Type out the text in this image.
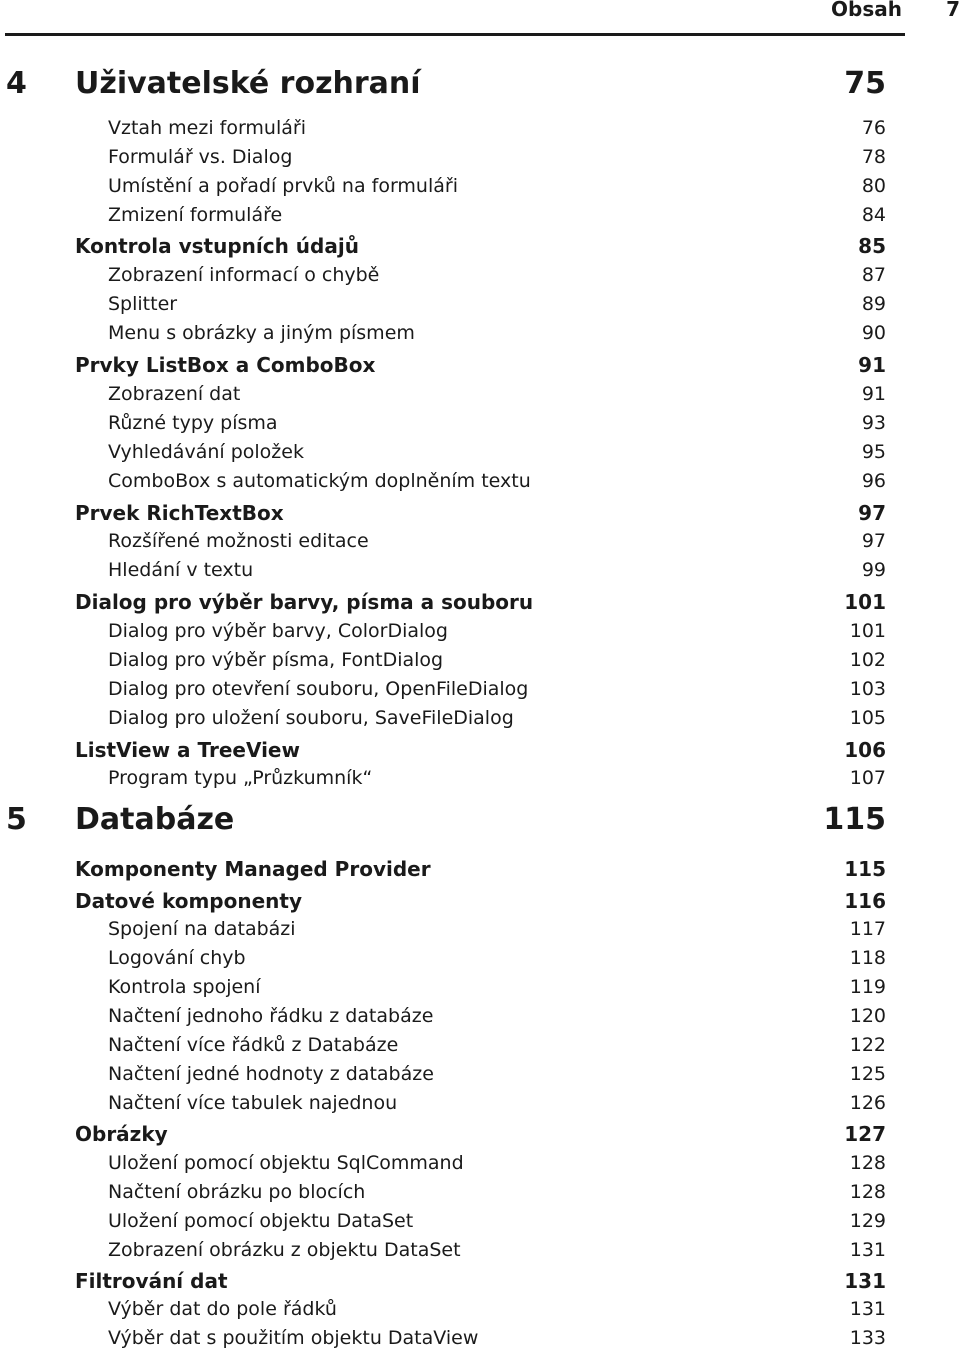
Obsah 7
4 Uživatelské rozhraní	75
Vztah mezi formuláři	76
Formulář vs. Dialog	78
Umístění a pořadí prvků na formuláři	80
Zmizení formuláře	84
Kontrola vstupních údajů	85
Zobrazení informací o chybě	87
Splitter	89
Menu s obrázky a jiným písmem	90
Prvky ListBox a ComboBox	91
Zobrazení dat	91
Různé typy písma	93
Vyhledávání položek	95
ComboBox s automatickým doplněním textu	96
Prvek RichTextBox	97
Rozšířené možnosti editace	97
Hledání v textu	99
Dialog pro výběr barvy, písma a souboru	101
Dialog pro výběr barvy, ColorDialog	101
Dialog pro výběr písma, FontDialog	102
Dialog pro otevření souboru, OpenFileDialog	103
Dialog pro uložení souboru, SaveFileDialog	105
ListView a TreeView	106
Program typu „Průzkumník“	107
5 Databáze	115
Komponenty Managed Provider	115
Datové komponenty	116
Spojení na databázi	117
Logování chyb	118
Kontrola spojení	119
Načtení jednoho řádku z databáze	120
Načtení více řádků z Databáze	122
Načtení jedné hodnoty z databáze	125
Načtení více tabulek najednou	126
Obrázky	127
Uložení pomocí objektu SqlCommand	128
Načtení obrázku po blocích	128
Uložení pomocí objektu DataSet	129
Zobrazení obrázku z objektu DataSet	131
Filtrování dat	131
Výběr dat do pole řádků	131
Výběr dat s použitím objektu DataView	133
